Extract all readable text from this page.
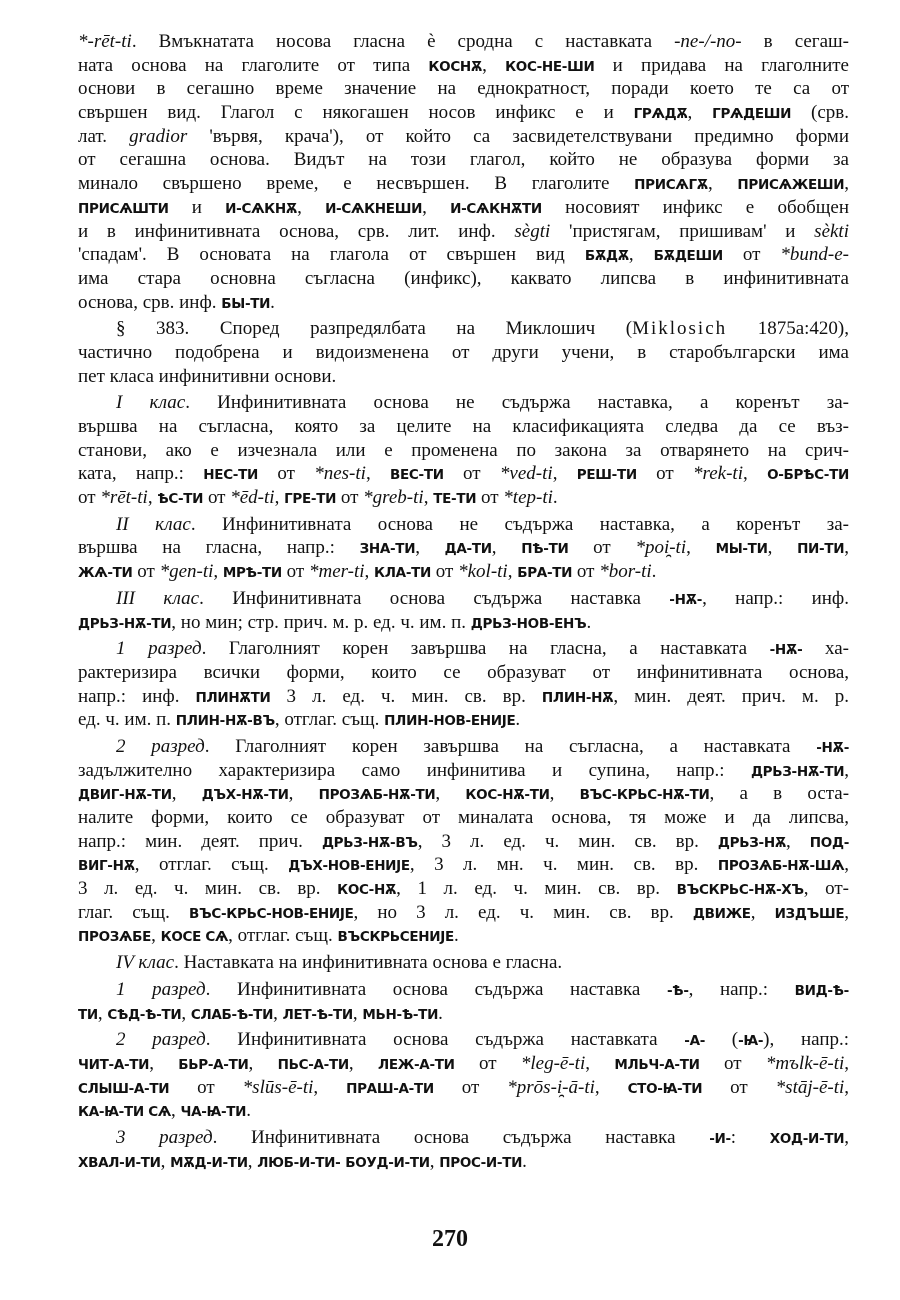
*-rēt-ti. Вмъкнатата носова гласна ѐ сродна с наставката -ne-/-no- в сегаш-
ната основа на глаголите от типа КОСНѪ, КОС-НЕ-ШИ и придава на глаголните
основи в сегашно време значение на еднократност, поради което те са от
свършен вид. Глагол с някогашен носов инфикс е и ГРѦДѪ, ГРѦДЕШИ (срв.
лат. gradior 'вървя, крача'), от който са засвидетелствувани предимно форми
от сегашна основа. Видът на този глагол, който не образува форми за
минало свършено време, е несвършен. В глаголите ПРИСѦГѪ, ПРИСѦЖЕШИ,
ПРИСѦШТИ и И-СѦКНѪ, И-СѦКНЕШИ, И-СѦКНѪТИ носовият инфикс е обобщен
и в инфинитивната основа, срв. лит. инф. sègti 'пристягам, пришивам' и sèkti
'спадам'. В основата на глагола от свършен вид БѪДѪ, БѪДЕШИ от *bund-e-
има стара основна съгласна (инфикс), каквато липсва в инфинитивната
основа, срв. инф. БЫ-ТИ.
§ 383. Според разпредялбата на Миклошич (Miklosich 1875a:420),
частично подобрена и видоизменена от други учени, в старобългарски има
пет класа инфинитивни основи.
I клас. Инфинитивната основа не съдържа наставка, а коренът за-
вършва на съгласна, която за целите на класификацията следва да се въз-
станови, ако е изчезнала или е променена по закона за отварянето на срич-
ката, напр.: НЕС-ТИ от *nes-ti, ВЕС-ТИ от *ved-ti, РЕШ-ТИ от *rek-ti, О-БРѢС-ТИ
от *rēt-ti, ѢС-ТИ от *ēd-ti, ГРЕ-ТИ от *greb-ti, ТЕ-ТИ от *tep-ti.
II клас. Инфинитивната основа не съдържа наставка, а коренът за-
вършва на гласна, напр.: ЗНА-ТИ, ДА-ТИ, ПѢ-ТИ от *poi̯-ti, МЫ-ТИ, ПИ-ТИ,
ЖѦ-ТИ от *gen-ti, МРѢ-ТИ от *mer-ti, КЛА-ТИ от *kol-ti, БРА-ТИ от *bor-ti.
III клас. Инфинитивната основа съдържа наставка -НѪ-, напр.: инф.
ДРЬЗ-НѪ-ТИ, но мин; стр. прич. м. р. ед. ч. им. п. ДРЬЗ-НОВ-ЕНЪ.
1 разред. Глаголният корен завършва на гласна, а наставката -НѪ- ха-
рактеризира всички форми, които се образуват от инфинитивната основа,
напр.: инф. ПЛИНѪТИ 3 л. ед. ч. мин. св. вр. ПЛИН-НѪ, мин. деят. прич. м. р.
ед. ч. им. п. ПЛИН-НѪ-ВЪ, отглаг. същ. ПЛИН-НОВ-ЕНИЈЕ.
2 разред. Глаголният корен завършва на съгласна, а наставката -НѪ-
задължително характеризира само инфинитива и супина, напр.: ДРЬЗ-НѪ-ТИ,
ДВИГ-НѪ-ТИ, ДЪХ-НѪ-ТИ, ПРОЗѦБ-НѪ-ТИ, КОС-НѪ-ТИ, ВЪС-КРЬС-НѪ-ТИ, а в оста-
налите форми, които се образуват от миналата основа, тя може и да липсва,
напр.: мин. деят. прич. ДРЬЗ-НѪ-ВЪ, 3 л. ед. ч. мин. св. вр. ДРЬЗ-НѪ, ПОД-
ВИГ-НѪ, отглаг. същ. ДЪХ-НОВ-ЕНИЈЕ, 3 л. мн. ч. мин. св. вр. ПРОЗѦБ-НѪ-ШѦ,
3 л. ед. ч. мин. св. вр. КОС-НѪ, 1 л. ед. ч. мин. св. вр. ВЪСКРЬС-НѪ-ХЪ, от-
глаг. същ. ВЪС-КРЬС-НОВ-ЕНИЈЕ, но 3 л. ед. ч. мин. св. вр. ДВИЖЕ, ИЗДЪШЕ,
ПРОЗѦБЕ, КОСЕ СѦ, отглаг. същ. ВЪСКРЬСЕНИЈЕ.
IV клас. Наставката на инфинитивната основа е гласна.
1 разред. Инфинитивната основа съдържа наставка -Ѣ-, напр.: ВИД-Ѣ-
ТИ, СѢД-Ѣ-ТИ, СЛАБ-Ѣ-ТИ, ЛЕТ-Ѣ-ТИ, МЬН-Ѣ-ТИ.
2 разред. Инфинитивната основа съдържа наставката -А- (-Ꙗ-), напр.:
ЧИТ-А-ТИ, БЬР-А-ТИ, ПЬС-А-ТИ, ЛЕЖ-А-ТИ от *leg-ē-ti, МЛЬЧ-А-ТИ от *mъlk-ē-ti,
СЛЫШ-А-ТИ от *slūs-ē-ti, ПРАШ-А-ТИ от *prōs-i̯-ā-ti, СТО-Ꙗ-ТИ от *stāj-ē-ti,
КА-Ꙗ-ТИ СѦ, ЧА-Ꙗ-ТИ.
3 разред. Инфинитивната основа съдържа наставка -И-: ХОД-И-ТИ,
ХВАЛ-И-ТИ, МѪД-И-ТИ, ЛЮБ-И-ТИ- БОУД-И-ТИ, ПРОС-И-ТИ.
270
